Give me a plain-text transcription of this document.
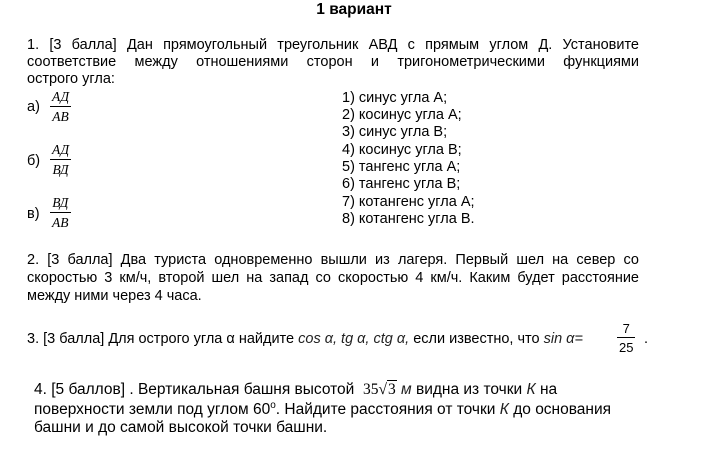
1 вариант
1. [3 балла] Дан прямоугольный треугольник АВД с прямым углом Д. Установите
соответствие между отношениями сторон и тригонометрическими функциями
острого угла:
а)
АД
АВ
б)
АД
ВД
в)
ВД
АВ
1) синус угла А;
2) косинус угла А;
3) синус угла В;
4) косинус угла В;
5) тангенс угла А;
6) тангенс угла В;
7) котангенс угла А;
8) котангенс угла В.
2. [3 балла] Два туриста одновременно вышли из лагеря. Первый шел на север со
скоростью 3 км/ч, второй шел на запад со скоростью 4 км/ч. Каким будет расстояние
между ними через 4 часа.
3. [3 балла] Для острого угла α найдите cos α, tg α, ctg α, если известно, что sin α=
7
25
.
4. [5 баллов] . Вертикальная башня высотой 35√3 м видна из точки К на
поверхности земли под углом 60$^o$. Найдите расстояния от точки К до основания
башни и до самой высокой точки башни.
